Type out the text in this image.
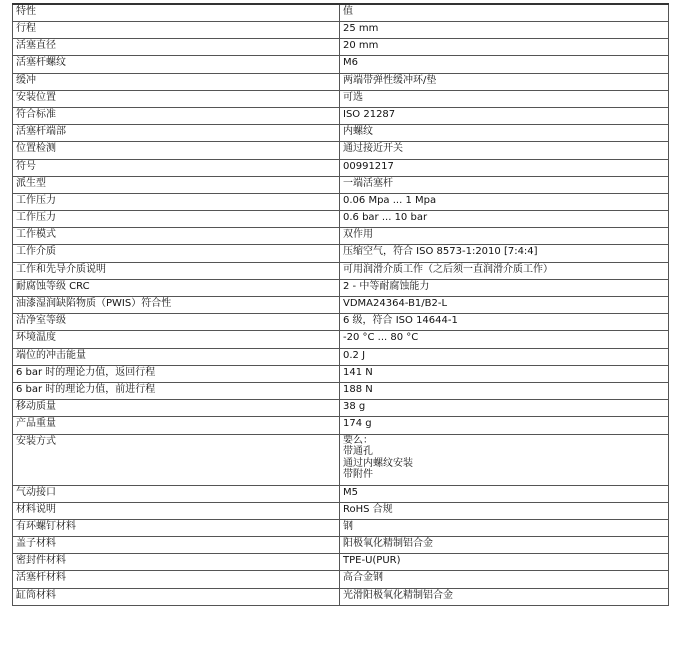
特性	值
行程	25 mm
活塞直径	20 mm
活塞杆螺纹	M6
缓冲	两端带弹性缓冲环/垫
安装位置	可选
符合标准	ISO 21287
活塞杆端部	内螺纹
位置检测	通过接近开关
符号	00991217
派生型	一端活塞杆
工作压力	0.06 Mpa ... 1 Mpa
工作压力	0.6 bar ... 10 bar
工作模式	双作用
工作介质	压缩空气，符合 ISO 8573-1:2010 [7:4:4]
工作和先导介质说明	可用润滑介质工作（之后须一直润滑介质工作）
耐腐蚀等级 CRC	2 - 中等耐腐蚀能力
油漆湿润缺陷物质（PWIS）符合性	VDMA24364-B1/B2-L
洁净室等级	6 级，符合 ISO 14644-1
环境温度	-20 °C ... 80 °C
端位的冲击能量	0.2 J
6 bar 时的理论力值，返回行程	141 N
6 bar 时的理论力值，前进行程	188 N
移动质量	38 g
产品重量	174 g
安装方式	要么：
带通孔
通过内螺纹安装
带附件

气动接口	M5
材料说明	RoHS 合规
有环螺钉材料	钢
盖子材料	阳极氧化精制铝合金
密封件材料	TPE-U(PUR)
活塞杆材料	高合金钢
缸筒材料	光滑阳极氧化精制铝合金
